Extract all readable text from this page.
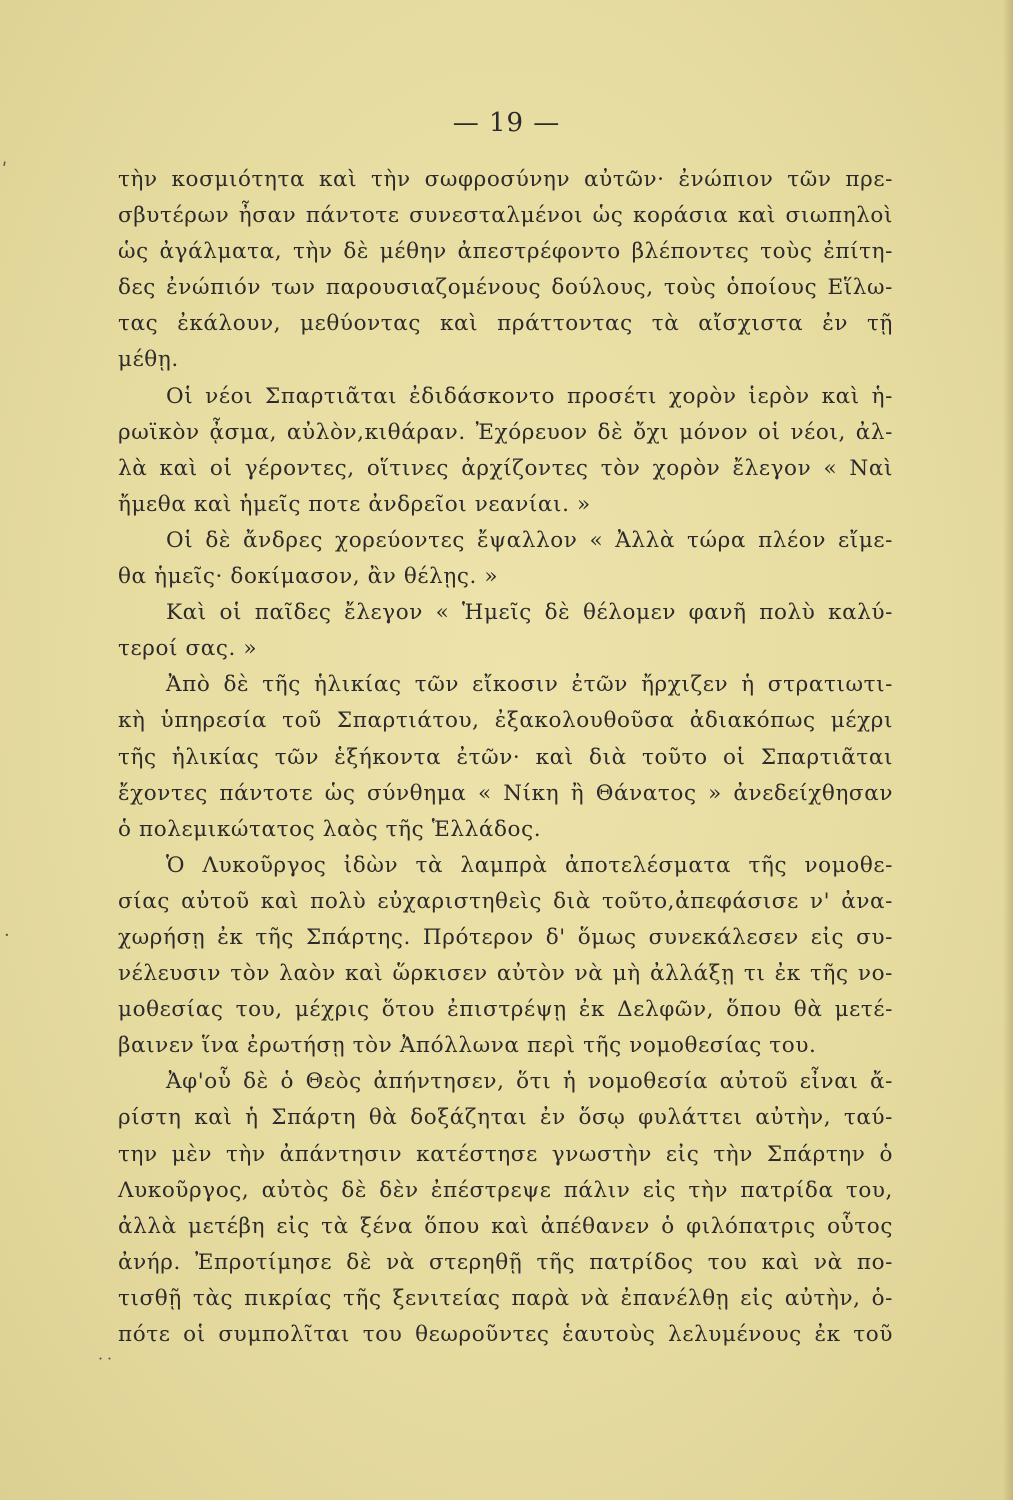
ʹ
·
˙˙
— 19 —
τὴν κοσμιότητα καὶ τὴν σωφροσύνην αὐτῶν· ἐνώπιον τῶν πρε-
σβυτέρων ἦσαν πάντοτε συνεσταλμένοι ὡς κοράσια καὶ σιωπηλοὶ
ὡς ἀγάλματα, τὴν δὲ μέθην ἀπεστρέφοντο βλέποντες τοὺς ἐπίτη-
δες ἐνώπιόν των παρουσιαζομένους δούλους, τοὺς ὁποίους Εἵλω-
τας ἐκάλουν, μεθύοντας καὶ πράττοντας τὰ αἴσχιστα ἐν τῇ
μέθῃ.
Οἱ νέοι Σπαρτιᾶται ἐδιδάσκοντο προσέτι χορὸν ἱερὸν καὶ ἡ-
ρωϊκὸν ᾆσμα, αὐλὸν,κιθάραν. Ἐχόρευον δὲ ὄχι μόνον οἱ νέοι, ἀλ-
λὰ καὶ οἱ γέροντες, οἵτινες ἀρχίζοντες τὸν χορὸν ἔλεγον « Ναὶ
ἤμεθα καὶ ἡμεῖς ποτε ἀνδρεῖοι νεανίαι. »
Οἱ δὲ ἄνδρες χορεύοντες ἔψαλλον « Ἀλλὰ τώρα πλέον εἴμε-
θα ἡμεῖς· δοκίμασον, ἂν θέλῃς. »
Καὶ οἱ παῖδες ἔλεγον « Ἡμεῖς δὲ θέλομεν φανῆ πολὺ καλύ-
τεροί σας. »
Ἀπὸ δὲ τῆς ἡλικίας τῶν εἴκοσιν ἐτῶν ἤρχιζεν ἡ στρατιωτι-
κὴ ὑπηρεσία τοῦ Σπαρτιάτου, ἐξακολουθοῦσα ἀδιακόπως μέχρι
τῆς ἡλικίας τῶν ἑξήκοντα ἐτῶν· καὶ διὰ τοῦτο οἱ Σπαρτιᾶται
ἔχοντες πάντοτε ὡς σύνθημα « Νίκη ἢ Θάνατος » ἀνεδείχθησαν
ὁ πολεμικώτατος λαὸς τῆς Ἑλλάδος.
Ὁ Λυκοῦργος ἰδὼν τὰ λαμπρὰ ἀποτελέσματα τῆς νομοθε-
σίας αὐτοῦ καὶ πολὺ εὐχαριστηθεὶς διὰ τοῦτο,ἀπεφάσισε ν' ἀνα-
χωρήσῃ ἐκ τῆς Σπάρτης. Πρότερον δ' ὅμως συνεκάλεσεν εἰς συ-
νέλευσιν τὸν λαὸν καὶ ὥρκισεν αὐτὸν νὰ μὴ ἀλλάξῃ τι ἐκ τῆς νο-
μοθεσίας του, μέχρις ὅτου ἐπιστρέψῃ ἐκ Δελφῶν, ὅπου θὰ μετέ-
βαινεν ἵνα ἐρωτήσῃ τὸν Ἀπόλλωνα περὶ τῆς νομοθεσίας του.
Ἀφ'οὗ δὲ ὁ Θεὸς ἀπήντησεν, ὅτι ἡ νομοθεσία αὐτοῦ εἶναι ἄ-
ρίστη καὶ ἡ Σπάρτη θὰ δοξάζηται ἐν ὅσῳ φυλάττει αὐτὴν, ταύ-
την μὲν τὴν ἀπάντησιν κατέστησε γνωστὴν εἰς τὴν Σπάρτην ὁ
Λυκοῦργος, αὐτὸς δὲ δὲν ἐπέστρεψε πάλιν εἰς τὴν πατρίδα του,
ἀλλὰ μετέβη εἰς τὰ ξένα ὅπου καὶ ἀπέθανεν ὁ φιλόπατρις οὗτος
ἀνήρ. Ἐπροτίμησε δὲ νὰ στερηθῇ τῆς πατρίδος του καὶ νὰ πο-
τισθῇ τὰς πικρίας τῆς ξενιτείας παρὰ νὰ ἐπανέλθῃ εἰς αὐτὴν, ὁ-
πότε οἱ συμπολῖται του θεωροῦντες ἑαυτοὺς λελυμένους ἐκ τοῦ
